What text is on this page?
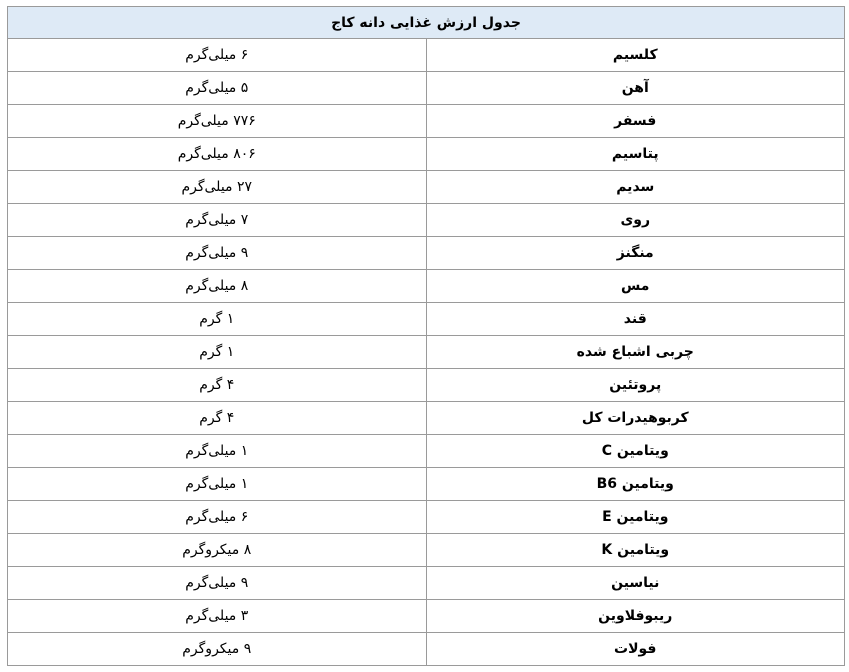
جدول ارزش غذایی دانه کاج	
کلسیم	۶ میلی‌گرم
آهن	۵ میلی‌گرم
فسفر	۷۷۶ میلی‌گرم
پتاسیم	۸۰۶ میلی‌گرم
سدیم	۲۷ میلی‌گرم
روی	۷ میلی‌گرم
منگنز	۹ میلی‌گرم
مس	۸ میلی‌گرم
قند	۱ گرم
چربی اشباع شده	۱ گرم
پروتئین	۴ گرم
کربوهیدرات کل	۴ گرم
ویتامین C	۱ میلی‌گرم
ویتامین B6	۱ میلی‌گرم
ویتامین E	۶ میلی‌گرم
ویتامین K	۸ میکروگرم
نیاسین	۹ میلی‌گرم
ریبوفلاوین	۳ میلی‌گرم
فولات	۹ میکروگرم
